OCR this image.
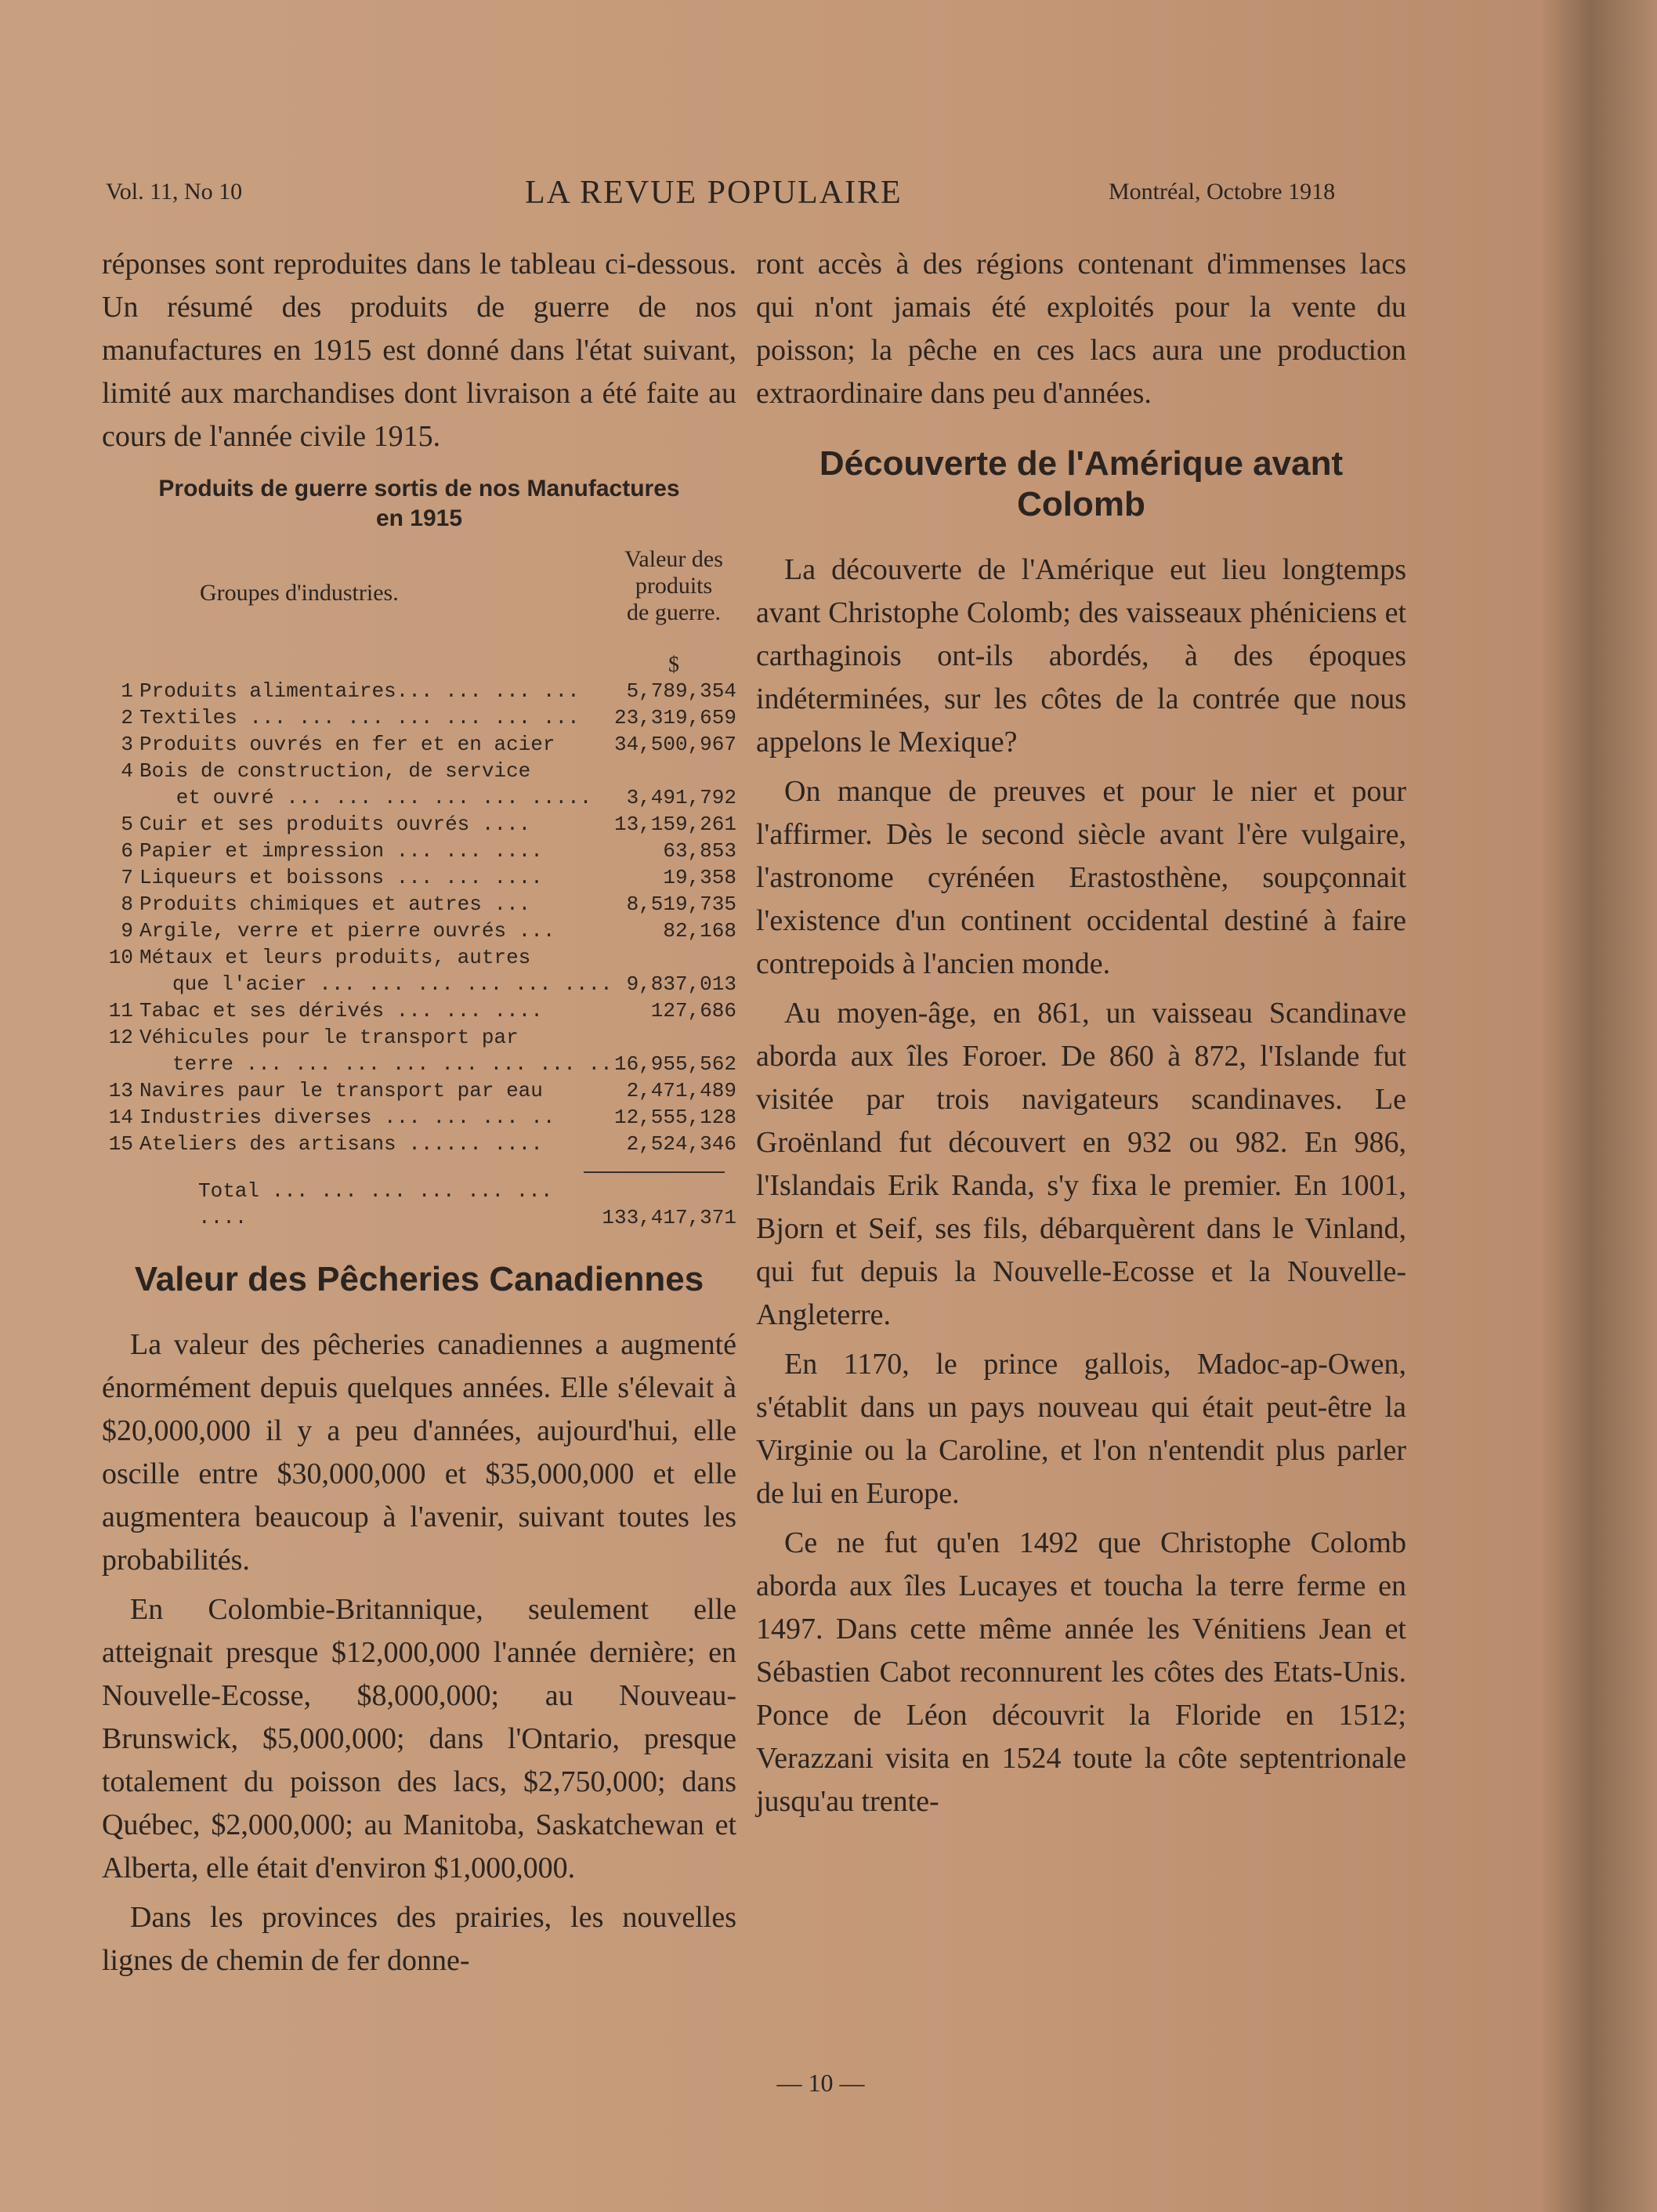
Vol. 11, No 10	LA REVUE POPULAIRE	Montréal, Octobre 1918

réponses sont reproduites dans le tableau ci-dessous. Un résumé des produits de guerre de nos manufactures en 1915 est donné dans l'état suivant, limité aux marchandises dont livraison a été faite au cours de l'année civile 1915.

Produits de guerre sortis de nos Manufactures
en 1915
Groupes d'industries.
Valeur des
produits
de guerre.
$
1 Produits alimentaires... ... ... ...	5,789,354
2 Textiles ... ... ... ... ... ... ...	23,319,659
3 Produits ouvrés en fer et en acier	34,500,967
4 Bois de construction, de service
et ouvré ... ... ... ... ... .....	3,491,792
5 Cuir et ses produits ouvrés ....	13,159,261
6 Papier et impression ... ... ....	63,853
7 Liqueurs et boissons ... ... ....	19,358
8 Produits chimiques et autres ...	8,519,735
9 Argile, verre et pierre ouvrés ...	82,168
10 Métaux et leurs produits, autres
que l'acier ... ... ... ... ... .... 9,837,013
11 Tabac et ses dérivés ... ... ....	127,686
12 Véhicules pour le transport par
terre ... ... ... ... ... ... ... .. 16,955,562
13 Navires paur le transport par eau	2,471,489
14 Industries diverses ... ... ... ..	12,555,128
15 Ateliers des artisans ...... ....	2,524,346
Total ... ... ... ... ... ... ....	133,417,371
Valeur des Pêcheries Canadiennes

La valeur des pêcheries canadiennes a augmenté énormément depuis quelques années. Elle s'élevait à $20,000,000 il y a peu d'années, aujourd'hui, elle oscille entre $30,000,000 et $35,000,000 et elle augmentera beaucoup à l'avenir, suivant toutes les probabilités.

En Colombie-Britannique, seulement elle atteignait presque $12,000,000 l'année dernière; en Nouvelle-Ecosse, $8,000,000; au Nouveau-Brunswick, $5,000,000; dans l'Ontario, presque totalement du poisson des lacs, $2,750,000; dans Québec, $2,000,000; au Manitoba, Saskatchewan et Alberta, elle était d'environ $1,000,000.

Dans les provinces des prairies, les nouvelles lignes de chemin de fer donne-

ront accès à des régions contenant d'immenses lacs qui n'ont jamais été exploités pour la vente du poisson; la pêche en ces lacs aura une production extraordinaire dans peu d'années.

Découverte de l'Amérique avant
Colomb

La découverte de l'Amérique eut lieu longtemps avant Christophe Colomb; des vaisseaux phéniciens et carthaginois ont-ils abordés, à des époques indéterminées, sur les côtes de la contrée que nous appelons le Mexique?

On manque de preuves et pour le nier et pour l'affirmer. Dès le second siècle avant l'ère vulgaire, l'astronome cyrénéen Erastosthène, soupçonnait l'existence d'un continent occidental destiné à faire contrepoids à l'ancien monde.

Au moyen-âge, en 861, un vaisseau Scandinave aborda aux îles Foroer. De 860 à 872, l'Islande fut visitée par trois navigateurs scandinaves. Le Groënland fut découvert en 932 ou 982. En 986, l'Islandais Erik Randa, s'y fixa le premier. En 1001, Bjorn et Seif, ses fils, débarquèrent dans le Vinland, qui fut depuis la Nouvelle-Ecosse et la Nouvelle-Angleterre.

En 1170, le prince gallois, Madoc-ap-Owen, s'établit dans un pays nouveau qui était peut-être la Virginie ou la Caroline, et l'on n'entendit plus parler de lui en Europe.

Ce ne fut qu'en 1492 que Christophe Colomb aborda aux îles Lucayes et toucha la terre ferme en 1497. Dans cette même année les Vénitiens Jean et Sébastien Cabot reconnurent les côtes des Etats-Unis. Ponce de Léon découvrit la Floride en 1512; Verazzani visita en 1524 toute la côte septentrionale jusqu'au trente-

— 10 —
